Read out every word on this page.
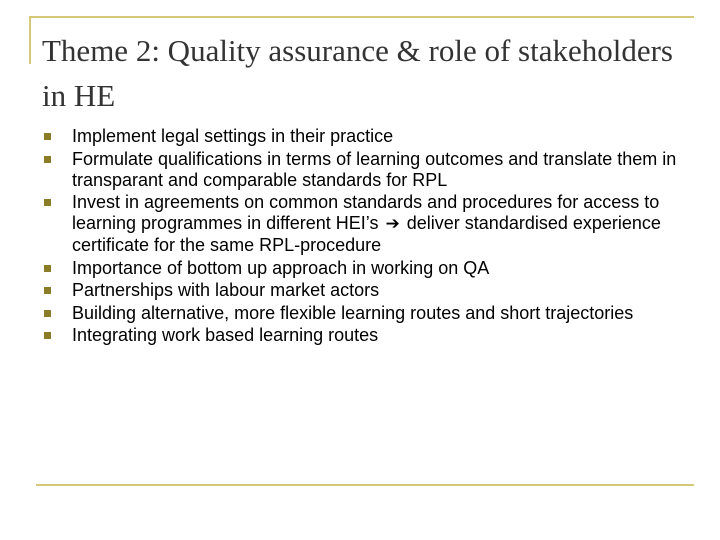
Theme 2: Quality assurance & role of stakeholders in HE
Implement legal settings in their practice
Formulate qualifications in terms of learning outcomes and translate them in transparant and comparable standards for RPL
Invest in agreements on common standards and procedures for access to learning programmes in different HEI’s ➔ deliver standardised experience certificate for the same RPL-procedure
Importance of bottom up approach in working on QA
Partnerships with labour market actors
Building alternative, more flexible learning routes and short trajectories
Integrating work based learning routes
